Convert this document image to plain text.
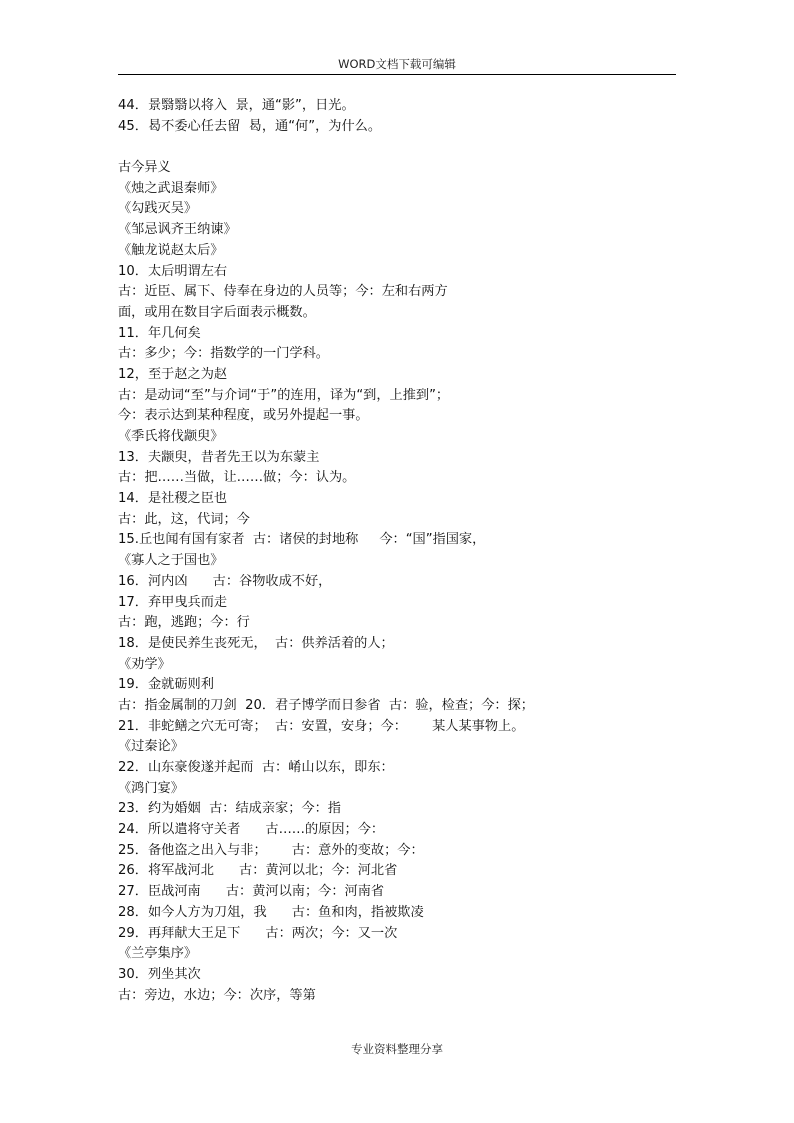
WORD文档下载可编辑
44．景翳翳以将入  景，通“影”，日光。
45．曷不委心任去留  曷，通“何”，为什么。
古今异义
《烛之武退秦师》
《勾践灭吴》
《邹忌讽齐王纳谏》
《触龙说赵太后》
10．太后明谓左右
古：近臣、属下、侍奉在身边的人员等；今：左和右两方
面，或用在数目字后面表示概数。
11．年几何矣
古：多少；今：指数学的一门学科。
12，至于赵之为赵
古：是动词“至”与介词“于”的连用，译为“到，上推到”；
今：表示达到某种程度，或另外提起一事。
《季氏将伐颛臾》
13．夫颛臾，昔者先王以为东蒙主
古：把……当做，让……做；今：认为。
14．是社稷之臣也
古：此，这，代词；今
15.丘也闻有国有家者  古：诸侯的封地称     今：“国”指国家，
《寡人之于国也》
16．河内凶      古：谷物收成不好，
17．弃甲曳兵而走
古：跑，逃跑；今：行
18．是使民养生丧死无，  古：供养活着的人；
《劝学》
19．金就砺则利
古：指金属制的刀剑  20．君子博学而日参省  古：验，检查；今：探；
21．非蛇鳝之穴无可寄；  古：安置，安身；今：      某人某事物上。
《过秦论》
22．山东豪俊遂并起而  古：崤山以东，即东：
《鸿门宴》
23．约为婚姻  古：结成亲家；今：指
24．所以遣将守关者      古……的原因；今：
25．备他盗之出入与非；      古：意外的变故；今：
26．将军战河北      古：黄河以北；今：河北省
27．臣战河南      古：黄河以南；今：河南省
28．如今人方为刀俎，我      古：鱼和肉，指被欺凌
29．再拜献大王足下      古：两次；今：又一次
《兰亭集序》
30．列坐其次
古：旁边，水边；今：次序，等第
专业资料整理分享
